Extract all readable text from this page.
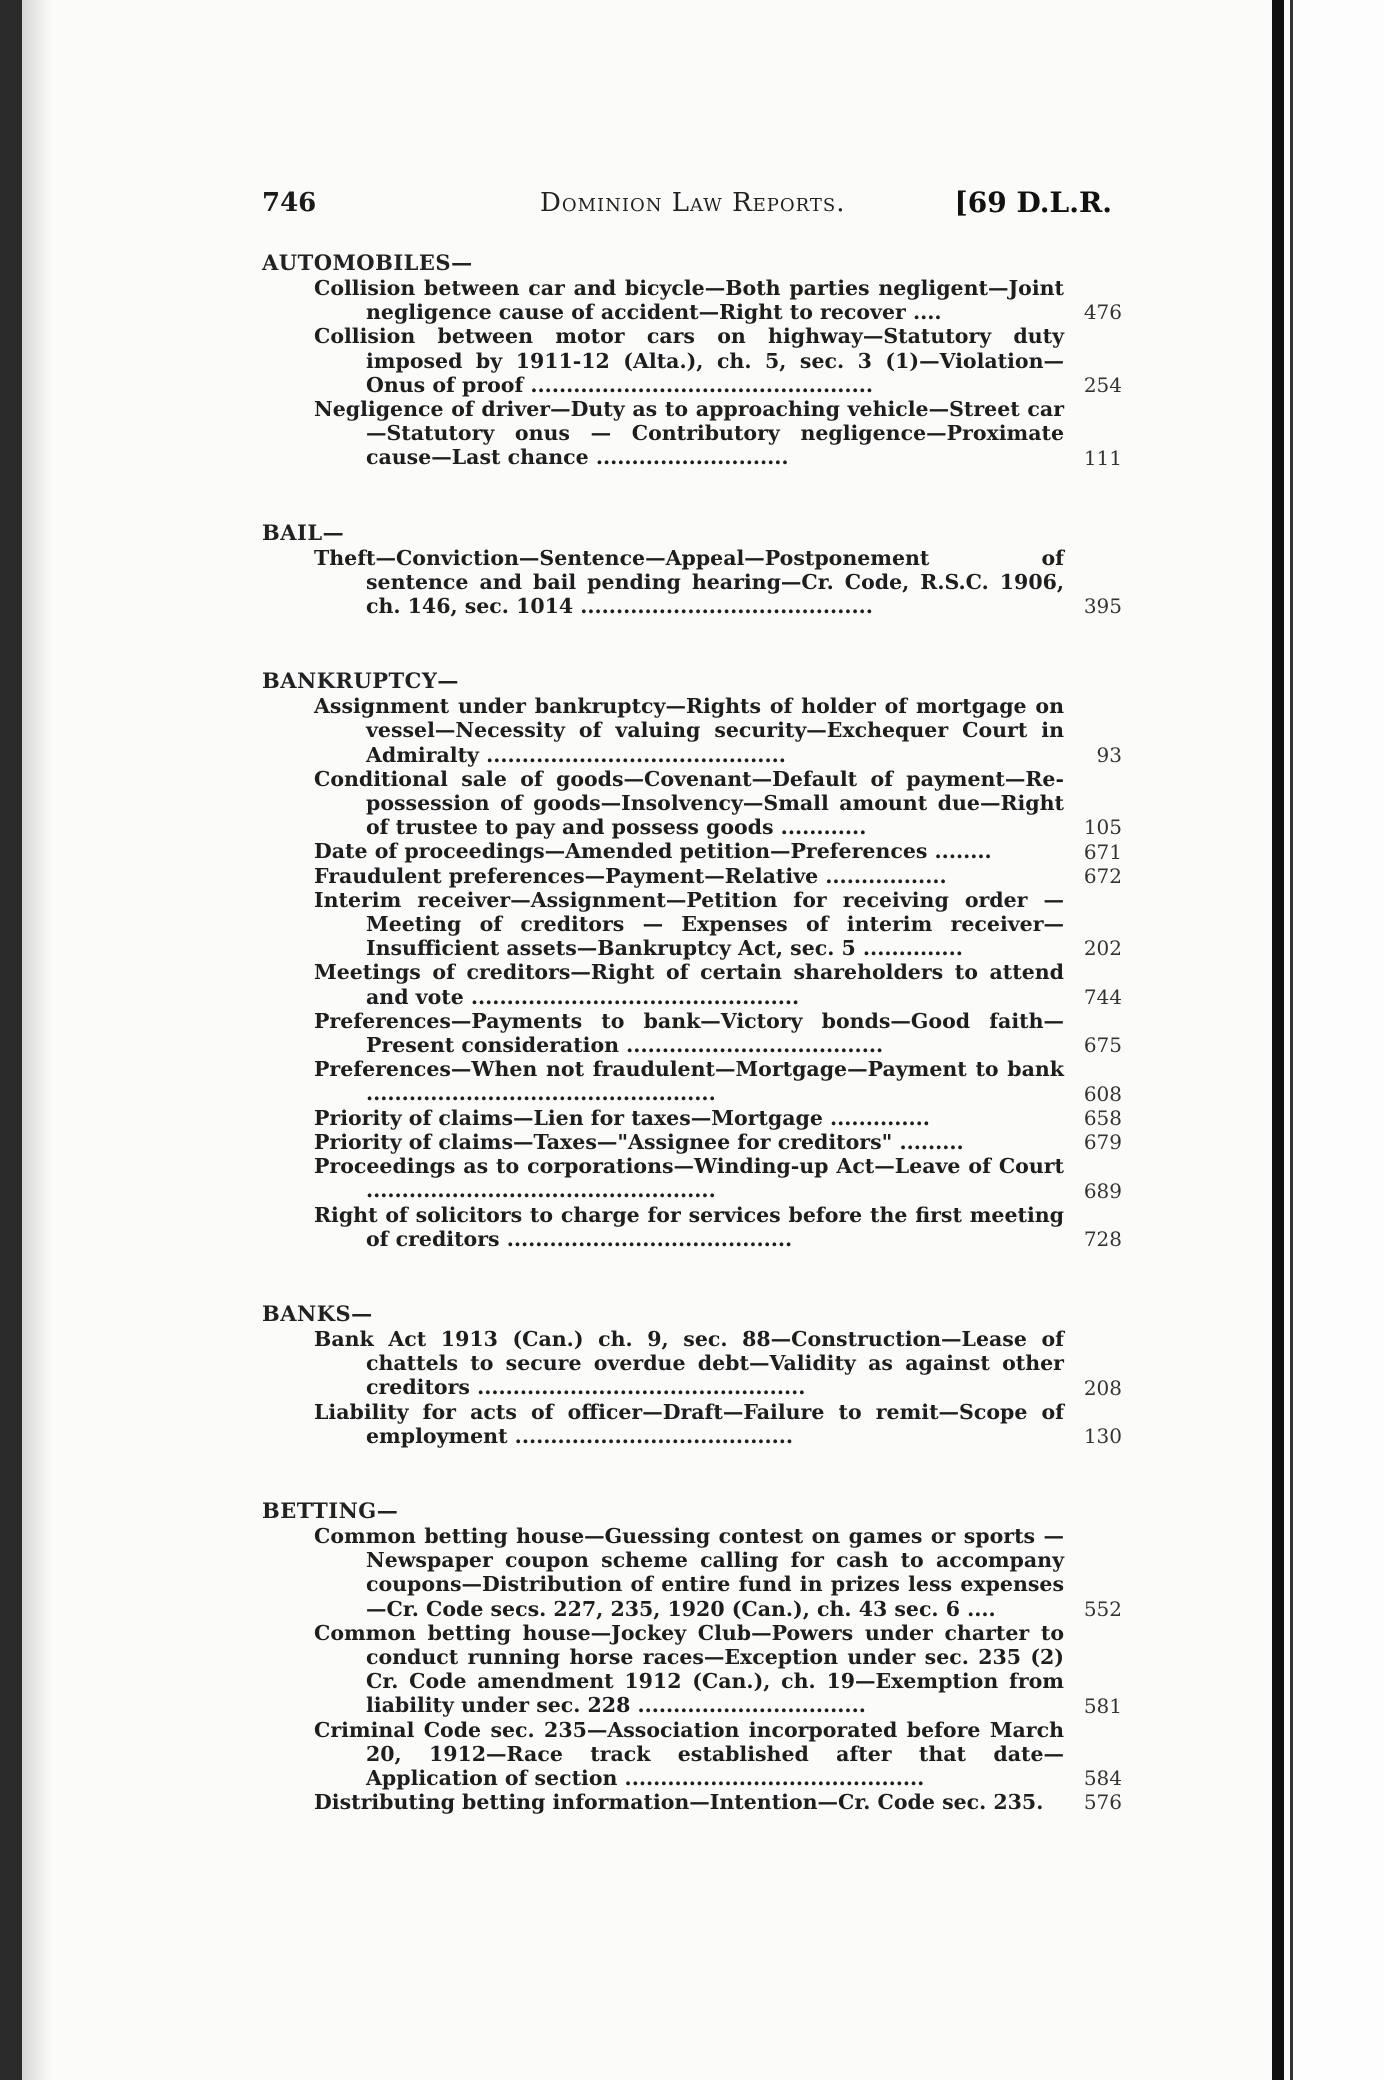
746	Dominion Law Reports.	[69 D.L.R.
AUTOMOBILES—
Collision between car and bicycle—Both parties negligent—Joint negligence cause of accident—Right to recover ....	476
Collision between motor cars on highway—Statutory duty imposed by 1911-12 (Alta.), ch. 5, sec. 3 (1)—Violation—Onus of proof ................................................	254
Negligence of driver—Duty as to approaching vehicle—Street car—Statutory onus — Contributory negligence—Proximate cause—Last chance ...........................	111
BAIL—
Theft—Conviction—Sentence—Appeal—Postponement of sentence and bail pending hearing—Cr. Code, R.S.C. 1906, ch. 146, sec. 1014 .........................................	395
BANKRUPTCY—
Assignment under bankruptcy—Rights of holder of mortgage on vessel—Necessity of valuing security—Exchequer Court in Admiralty ..........................................	93
Conditional sale of goods—Covenant—Default of payment—Re-possession of goods—Insolvency—Small amount due—Right of trustee to pay and possess goods ............	105
Date of proceedings—Amended petition—Preferences ........	671
Fraudulent preferences—Payment—Relative .................	672
Interim receiver—Assignment—Petition for receiving order —Meeting of creditors — Expenses of interim receiver—Insufficient assets—Bankruptcy Act, sec. 5 ..............	202
Meetings of creditors—Right of certain shareholders to attend and vote ..............................................	744
Preferences—Payments to bank—Victory bonds—Good faith—Present consideration ....................................	675
Preferences—When not fraudulent—Mortgage—Payment to bank .................................................	608
Priority of claims—Lien for taxes—Mortgage ..............	658
Priority of claims—Taxes—"Assignee for creditors" .........	679
Proceedings as to corporations—Winding-up Act—Leave of Court .................................................	689
Right of solicitors to charge for services before the first meeting of creditors ........................................	728
BANKS—
Bank Act 1913 (Can.) ch. 9, sec. 88—Construction—Lease of chattels to secure overdue debt—Validity as against other creditors ..............................................	208
Liability for acts of officer—Draft—Failure to remit—Scope of employment .......................................	130
BETTING—
Common betting house—Guessing contest on games or sports —Newspaper coupon scheme calling for cash to accompany coupons—Distribution of entire fund in prizes less expenses—Cr. Code secs. 227, 235, 1920 (Can.), ch. 43 sec. 6 ....	552
Common betting house—Jockey Club—Powers under charter to conduct running horse races—Exception under sec. 235 (2) Cr. Code amendment 1912 (Can.), ch. 19—Exemption from liability under sec. 228 ................................	581
Criminal Code sec. 235—Association incorporated before March 20, 1912—Race track established after that date—Application of section ..........................................	584
Distributing betting information—Intention—Cr. Code sec. 235.	576
